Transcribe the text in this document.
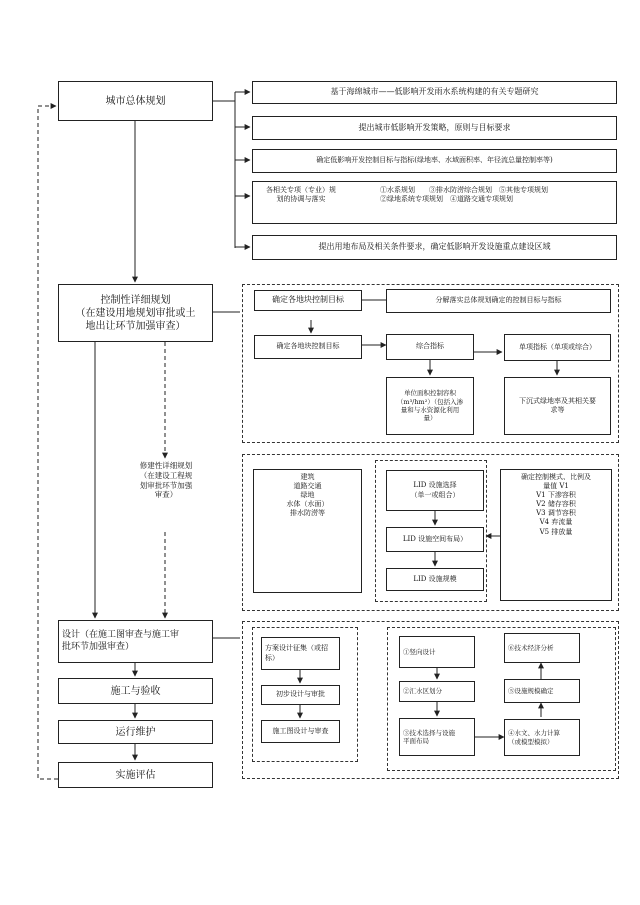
城市总体规划
控制性详细规划
（在建设用地规划审批或土
地出让环节加强审查）
修建性详细规划
（在建设工程规
划审批环节加强
审查）
设计（在施工图审查与施工审
批环节加强审查）
施工与验收
运行维护
实施评估
基于海绵城市——低影响开发雨水系统构建的有关专题研究
提出城市低影响开发策略，原则与目标要求
确定低影响开发控制目标与指标(绿地率、水域面积率、年径流总量控制率等)
各相关专项（专业）规
划的协调与落实
①水系规划　　③排水防涝综合规划　⑤其他专项规划
②绿地系统专项规划　④道路交通专项规划
提出用地布局及相关条件要求，确定低影响开发设施重点建设区域
确定各地块控制目标	分解落实总体规划确定的控制目标与指标
确定各地块控制目标	综合指标	单项指标（单项或综合）
单位面积控制容积
（m³/hm²）（包括入渗
量和与水资源化利用
量）
下沉式绿地率及其相关要
求等
建筑
道路交通
绿地
水体（水面）
排水防涝等
LID 设施选择
（单一或组合）
LID 设施空间布局）
LID 设施规模
确定控制模式、比例及
量值 V1
V1 下渗容积
V2 储存容积
V3 调节容积
V4 弃流量
V5 排放量
方案设计征集（或招
标）
初步设计与审批
施工图设计与审查
①竖向设计
②汇水区划分
③技术选择与设施
平面布局
④水文、水力计算
（或模型模拟）
⑤设施规模确定
⑥技术经济分析
